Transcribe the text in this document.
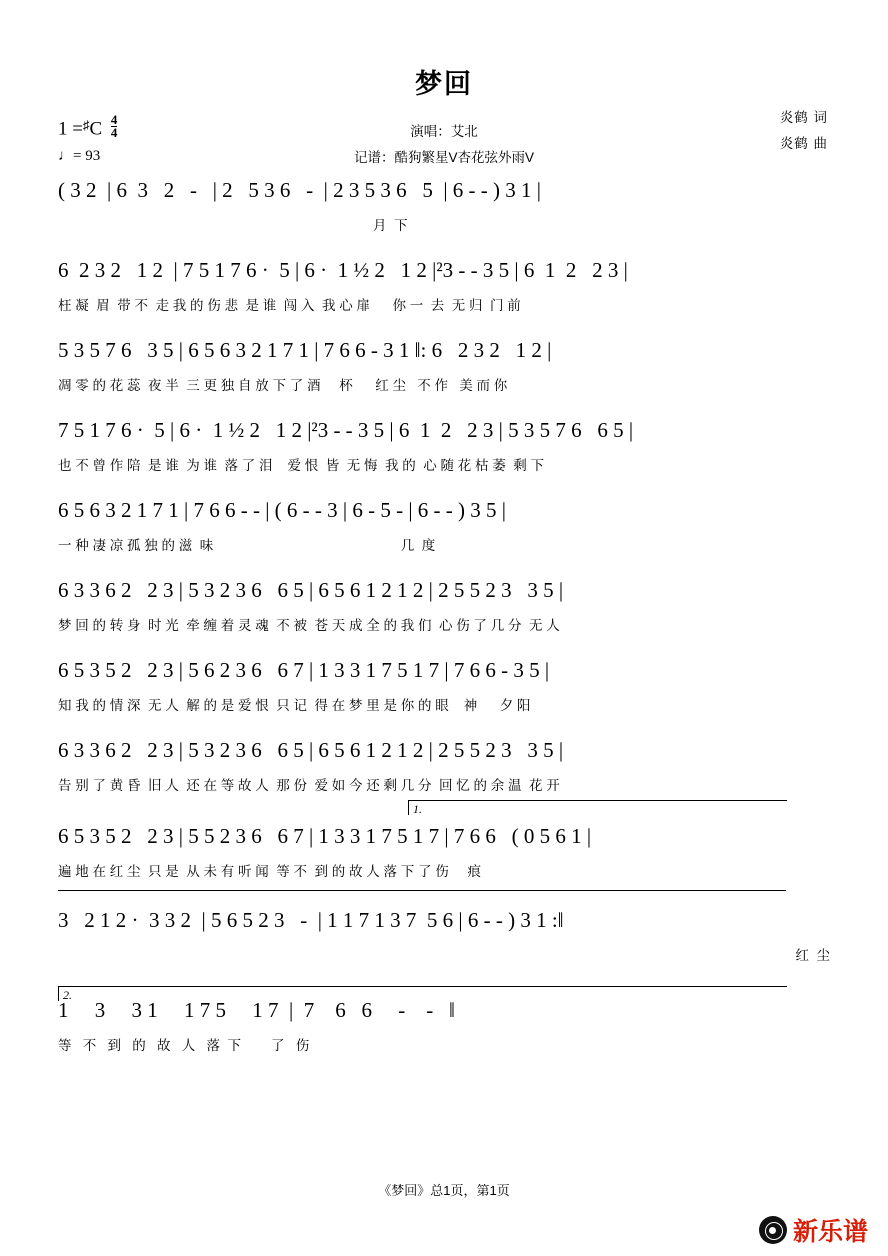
梦回
演唱：艾北
记谱：酷狗繁星V杏花弦外雨V
炎鹤 词
炎鹤 曲
$1 =^♯C \frac{4}{4}$
♩= 93
( 3 2  | 6  3   2   -   | 2   5 3 6   -  | 2 3 5 3 6   5  | 6 - - ) 3 1 |
月  下
6  2 3 2   1 2  | 7 5 1 7 6 ·  5 | 6 ·  1 ½ 2   1 2 |²3 - - 3 5 | 6  1  2   2 3 |
枉 凝  眉  带 不  走 我 的 伤 悲  是 谁  闯 入  我 心 扉      你 一  去  无 归  门 前
5 3 5 7 6   3 5 | 6 5 6 3 2 1 7 1 | 7 6 6 - 3 1 ‖: 6   2 3 2   1 2 |
凋 零 的 花 蕊  夜 半  三 更 独 自 放 下 了 酒     杯      红 尘   不 作   美 而 你
7 5 1 7 6 ·  5 | 6 ·  1 ½ 2   1 2 |²3 - - 3 5 | 6  1  2   2 3 | 5 3 5 7 6   6 5 |
也 不 曾 作 陪  是 谁  为 谁  落 了 泪    爱 恨  皆  无 悔  我 的  心 随 花 枯 萎  剩 下
6 5 6 3 2 1 7 1 | 7 6 6 - - | ( 6 - - 3 | 6 - 5 - | 6 - - ) 3 5 |
一 种 凄 凉 孤 独 的 滋  味                                                  几  度
6 3 3 6 2   2 3 | 5 3 2 3 6   6 5 | 6 5 6 1 2 1 2 | 2 5 5 2 3   3 5 |
梦 回 的 转 身  时 光  牵 缠 着 灵 魂  不 被  苍 天 成 全 的 我 们  心 伤 了 几 分  无 人
6 5 3 5 2   2 3 | 5 6 2 3 6   6 7 | 1 3 3 1 7 5 1 7 | 7 6 6 - 3 5 |
知 我 的 情 深  无 人  解 的 是 爱 恨  只 记  得 在 梦 里 是 你 的 眼    神      夕 阳
6 3 3 6 2   2 3 | 5 3 2 3 6   6 5 | 6 5 6 1 2 1 2 | 2 5 5 2 3   3 5 |
告 别 了 黄 昏  旧 人  还 在 等 故 人  那 份  爱 如 今 还 剩 几 分  回 忆 的 余 温  花 开
1.
6 5 3 5 2   2 3 | 5 5 2 3 6   6 7 | 1 3 3 1 7 5 1 7 | 7 6 6   ( 0 5 6 1 |
遍 地 在 红 尘  只 是  从 未 有 听 闻  等 不  到 的 故 人 落 下 了 伤     痕
3   2 1 2 ·  3 3 2  | 5 6 5 2 3   -  | 1 1 7 1 3 7  5 6 | 6 - - ) 3 1 :‖
红  尘
2.
1     3     3 1     1 7 5     1 7  |  7    6   6     -    -   ‖
等   不   到   的   故   人   落  下        了   伤
《梦回》总1页，第1页
新乐谱
